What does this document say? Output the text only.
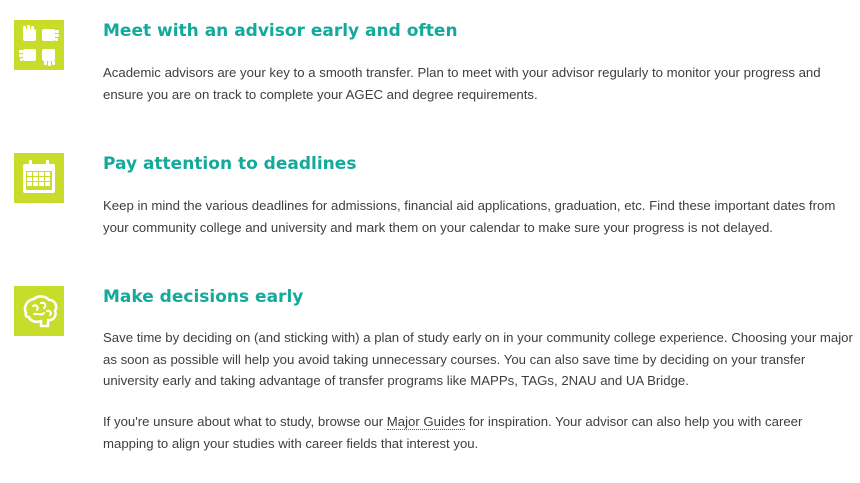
Meet with an advisor early and often

Academic advisors are your key to a smooth transfer. Plan to meet with your advisor regularly to monitor your progress and ensure you are on track to complete your AGEC and degree requirements.

Pay attention to deadlines

Keep in mind the various deadlines for admissions, financial aid applications, graduation, etc. Find these important dates from your community college and university and mark them on your calendar to make sure your progress is not delayed.

Make decisions early

Save time by deciding on (and sticking with) a plan of study early on in your community college experience. Choosing your major as soon as possible will help you avoid taking unnecessary courses. You can also save time by deciding on your transfer university early and taking advantage of transfer programs like MAPPs, TAGs, 2NAU and UA Bridge.

If you're unsure about what to study, browse our Major Guides for inspiration. Your advisor can also help you with career mapping to align your studies with career fields that interest you.
